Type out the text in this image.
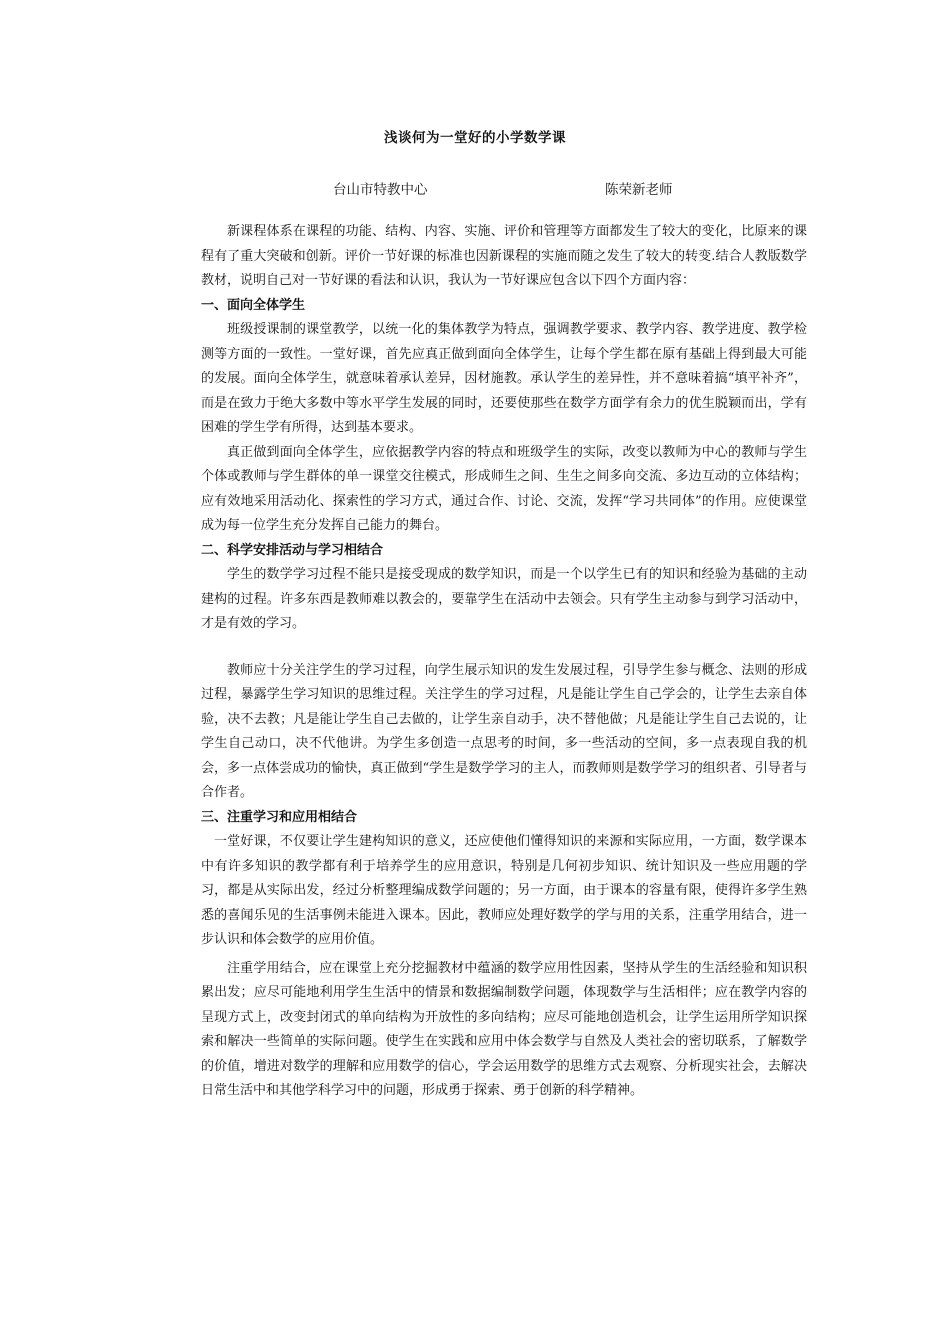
浅谈何为一堂好的小学数学课
台山市特教中心	陈荣新老师

新课程体系在课程的功能、结构、内容、实施、评价和管理等方面都发生了较大的变化，比原来的课程有了重大突破和创新。评价一节好课的标准也因新课程的实施而随之发生了较大的转变.结合人教版数学教材，说明自己对一节好课的看法和认识，我认为一节好课应包含以下四个方面内容：

一、面向全体学生

班级授课制的课堂教学，以统一化的集体教学为特点，强调教学要求、教学内容、教学进度、教学检测等方面的一致性。一堂好课，首先应真正做到面向全体学生，让每个学生都在原有基础上得到最大可能的发展。面向全体学生，就意味着承认差异，因材施教。承认学生的差异性，并不意味着搞“填平补齐”，而是在致力于绝大多数中等水平学生发展的同时，还要使那些在数学方面学有余力的优生脱颖而出，学有困难的学生学有所得，达到基本要求。

真正做到面向全体学生，应依据教学内容的特点和班级学生的实际，改变以教师为中心的教师与学生个体或教师与学生群体的单一课堂交往模式，形成师生之间、生生之间多向交流、多边互动的立体结构；应有效地采用活动化、探索性的学习方式，通过合作、讨论、交流，发挥“学习共同体”的作用。应使课堂成为每一位学生充分发挥自己能力的舞台。

二、科学安排活动与学习相结合

学生的数学学习过程不能只是接受现成的数学知识，而是一个以学生已有的知识和经验为基础的主动建构的过程。许多东西是教师难以教会的，要靠学生在活动中去领会。只有学生主动参与到学习活动中，才是有效的学习。

教师应十分关注学生的学习过程，向学生展示知识的发生发展过程，引导学生参与概念、法则的形成过程，暴露学生学习知识的思维过程。关注学生的学习过程，凡是能让学生自己学会的，让学生去亲自体验，决不去教；凡是能让学生自己去做的，让学生亲自动手，决不替他做；凡是能让学生自己去说的，让学生自己动口，决不代他讲。为学生多创造一点思考的时间，多一些活动的空间，多一点表现自我的机会，多一点体尝成功的愉快，真正做到“学生是数学学习的主人，而教师则是数学学习的组织者、引导者与合作者。

三、注重学习和应用相结合

一堂好课，不仅要让学生建构知识的意义，还应使他们懂得知识的来源和实际应用，一方面，数学课本中有许多知识的教学都有利于培养学生的应用意识，特别是几何初步知识、统计知识及一些应用题的学习，都是从实际出发，经过分析整理编成数学问题的；另一方面，由于课本的容量有限，使得许多学生熟悉的喜闻乐见的生活事例未能进入课本。因此，教师应处理好数学的学与用的关系，注重学用结合，进一步认识和体会数学的应用价值。

注重学用结合，应在课堂上充分挖掘教材中蕴涵的数学应用性因素，坚持从学生的生活经验和知识积累出发；应尽可能地利用学生生活中的情景和数据编制数学问题，体现数学与生活相伴；应在教学内容的呈现方式上，改变封闭式的单向结构为开放性的多向结构；应尽可能地创造机会，让学生运用所学知识探索和解决一些简单的实际问题。使学生在实践和应用中体会数学与自然及人类社会的密切联系，了解数学的价值，增进对数学的理解和应用数学的信心，学会运用数学的思维方式去观察、分析现实社会，去解决日常生活中和其他学科学习中的问题，形成勇于探索、勇于创新的科学精神。
